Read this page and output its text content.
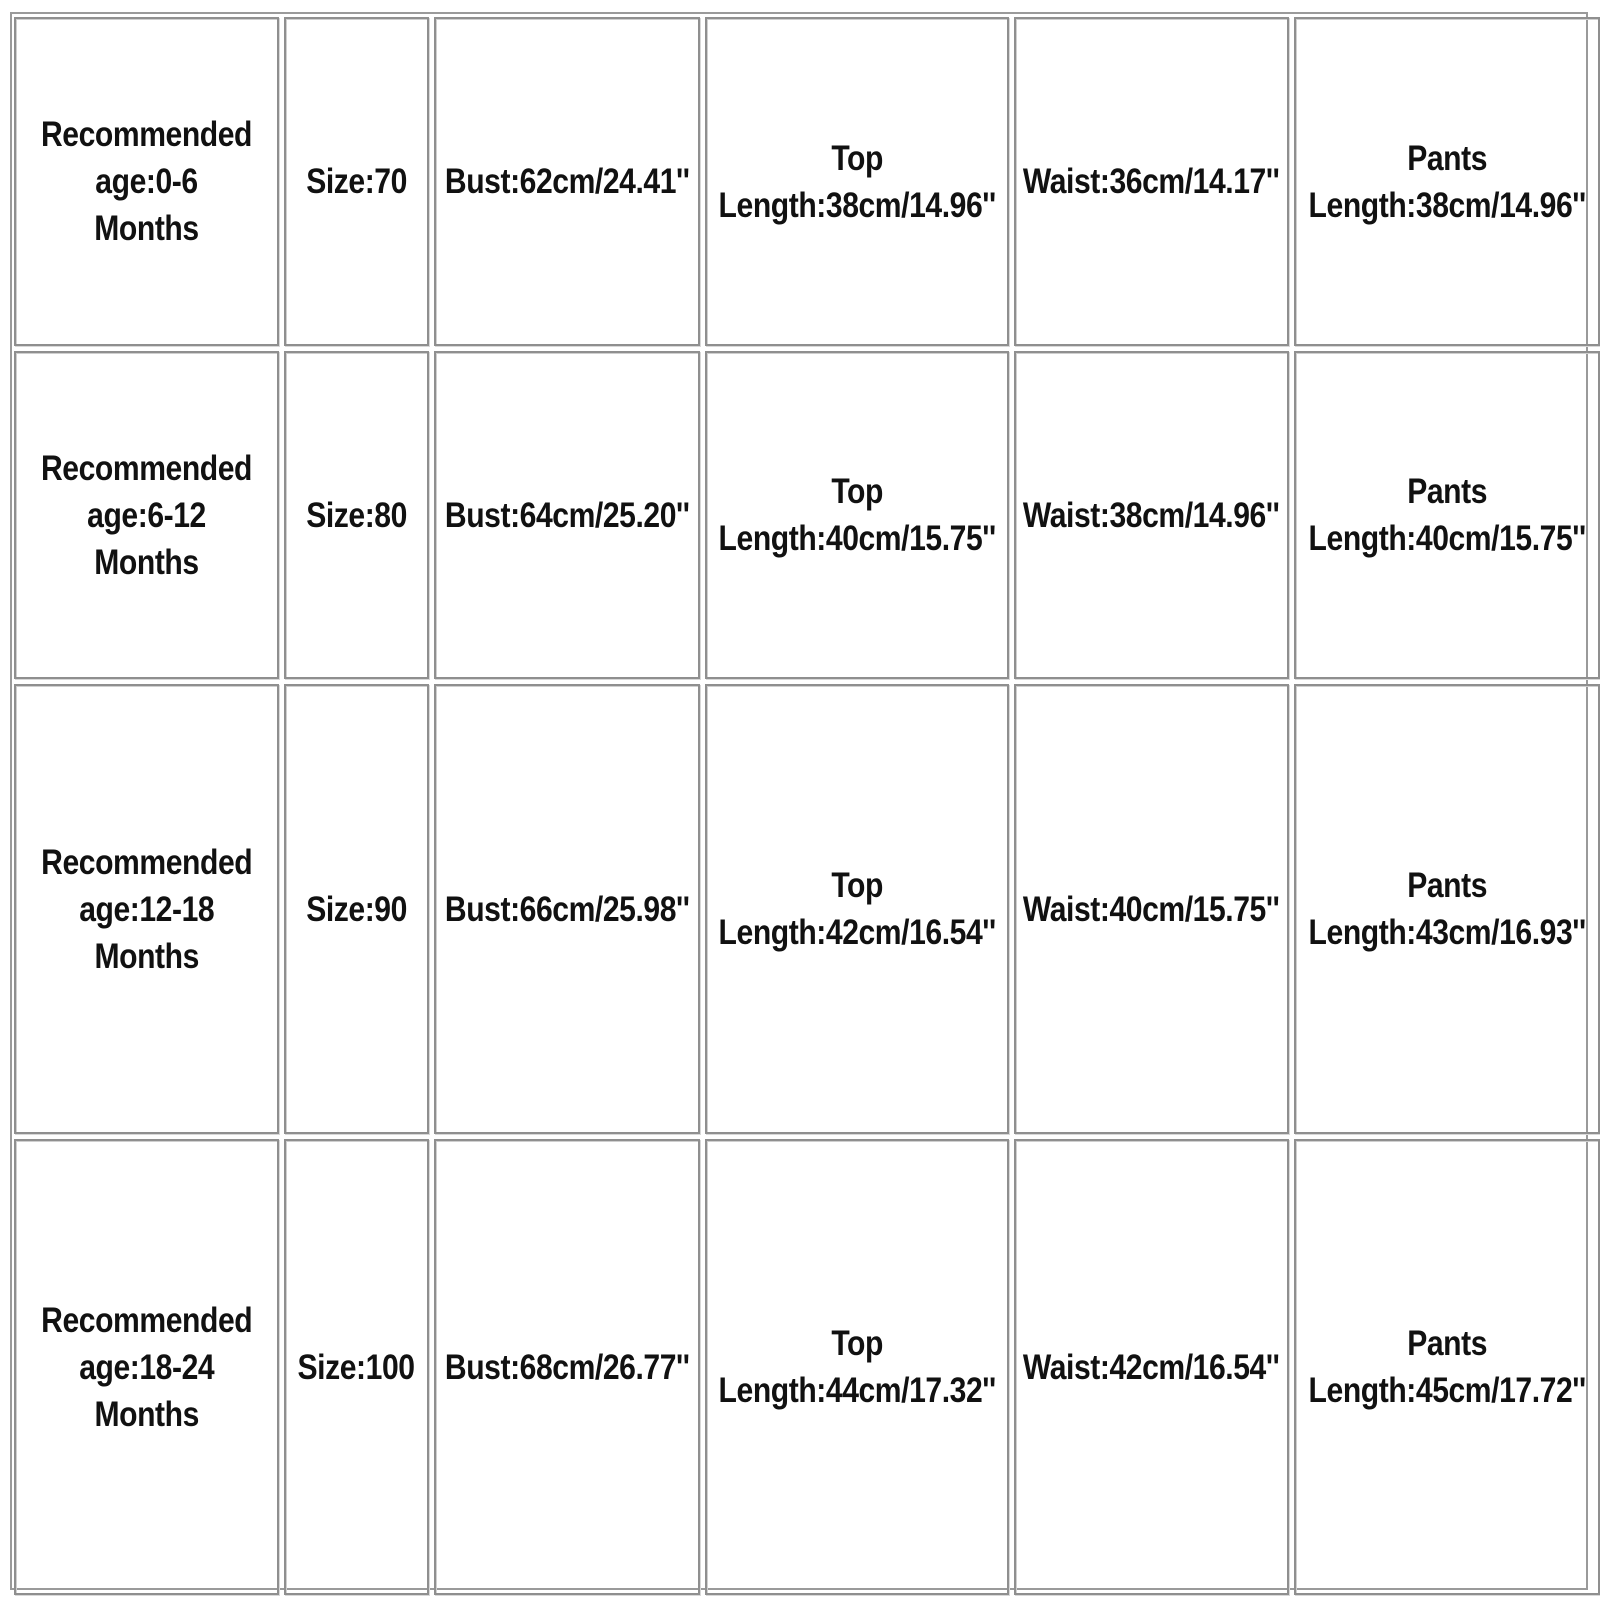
Recommended
age:0-6 Months
Size:70 Bust:62cm/24.41''
Top
Length:38cm/14.96''
Waist:36cm/14.17''
Pants
Length:38cm/14.96''
Recommended
age:6-12 Months
Size:80 Bust:64cm/25.20''
Top
Length:40cm/15.75''
Waist:38cm/14.96''
Pants
Length:40cm/15.75''
Recommended
age:12-18
Months
Size:90 Bust:66cm/25.98''
Top
Length:42cm/16.54''
Waist:40cm/15.75''
Pants
Length:43cm/16.93''
Recommended
age:18-24
Months
Size:100 Bust:68cm/26.77''
Top
Length:44cm/17.32''
Waist:42cm/16.54''
Pants
Length:45cm/17.72''
